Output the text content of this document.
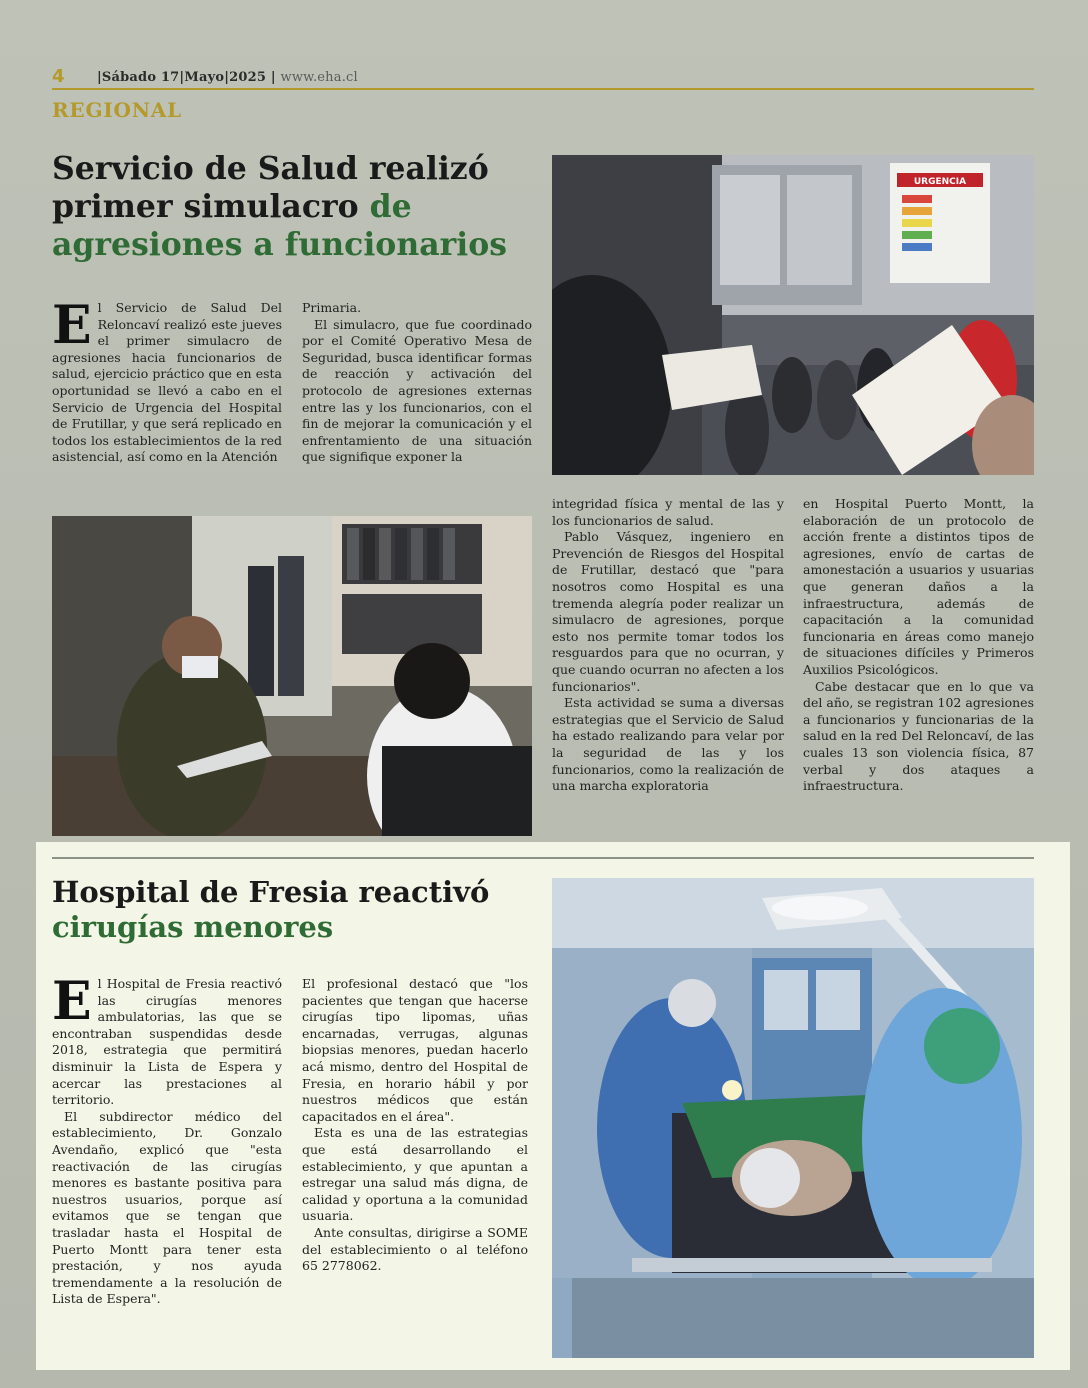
4 |Sábado 17|Mayo|2025 | www.eha.cl
REGIONAL
Servicio de Salud realizó primer simulacro de agresiones a funcionarios

El Servicio de Salud Del Reloncaví realizó este jueves el primer simulacro de agresiones hacia funcionarios de salud, ejercicio práctico que en esta oportunidad se llevó a cabo en el Servicio de Urgencia del Hospital de Frutillar, y que será replicado en todos los establecimientos de la red asistencial, así como en la Atención

Primaria.

El simulacro, que fue coordinado por el Comité Operativo Mesa de Seguridad, busca identificar formas de reacción y activación del protocolo de agresiones externas entre las y los funcionarios, con el fin de mejorar la comunicación y el enfrentamiento de una situación que signifique exponer la

integridad física y mental de las y los funcionarios de salud.

Pablo Vásquez, ingeniero en Prevención de Riesgos del Hospital de Frutillar, destacó que "para nosotros como Hospital es una tremenda alegría poder realizar un simulacro de agresiones, porque esto nos permite tomar todos los resguardos para que no ocurran, y que cuando ocurran no afecten a los funcionarios".

Esta actividad se suma a diversas estrategias que el Servicio de Salud ha estado realizando para velar por la seguridad de las y los funcionarios, como la realización de una marcha exploratoria

en Hospital Puerto Montt, la elaboración de un protocolo de acción frente a distintos tipos de agresiones, envío de cartas de amonestación a usuarios y usuarias que generan daños a la infraestructura, además de capacitación a la comunidad funcionaria en áreas como manejo de situaciones difíciles y Primeros Auxilios Psicológicos.

Cabe destacar que en lo que va del año, se registran 102 agresiones a funcionarios y funcionarias de la salud en la red Del Reloncaví, de las cuales 13 son violencia física, 87 verbal y dos ataques a infraestructura.

URGENCIA
Hospital de Fresia reactivó cirugías menores

El Hospital de Fresia reactivó las cirugías menores ambulatorias, las que se encontraban suspendidas desde 2018, estrategia que permitirá disminuir la Lista de Espera y acercar las prestaciones al territorio.

El subdirector médico del establecimiento, Dr. Gonzalo Avendaño, explicó que "esta reactivación de las cirugías menores es bastante positiva para nuestros usuarios, porque así evitamos que se tengan que trasladar hasta el Hospital de Puerto Montt para tener esta prestación, y nos ayuda tremendamente a la resolución de Lista de Espera".

El profesional destacó que "los pacientes que tengan que hacerse cirugías tipo lipomas, uñas encarnadas, verrugas, algunas biopsias menores, puedan hacerlo acá mismo, dentro del Hospital de Fresia, en horario hábil y por nuestros médicos que están capacitados en el área".

Esta es una de las estrategias que está desarrollando el establecimiento, y que apuntan a estregar una salud más digna, de calidad y oportuna a la comunidad usuaria.

Ante consultas, dirigirse a SOME del establecimiento o al teléfono 65 2778062.
